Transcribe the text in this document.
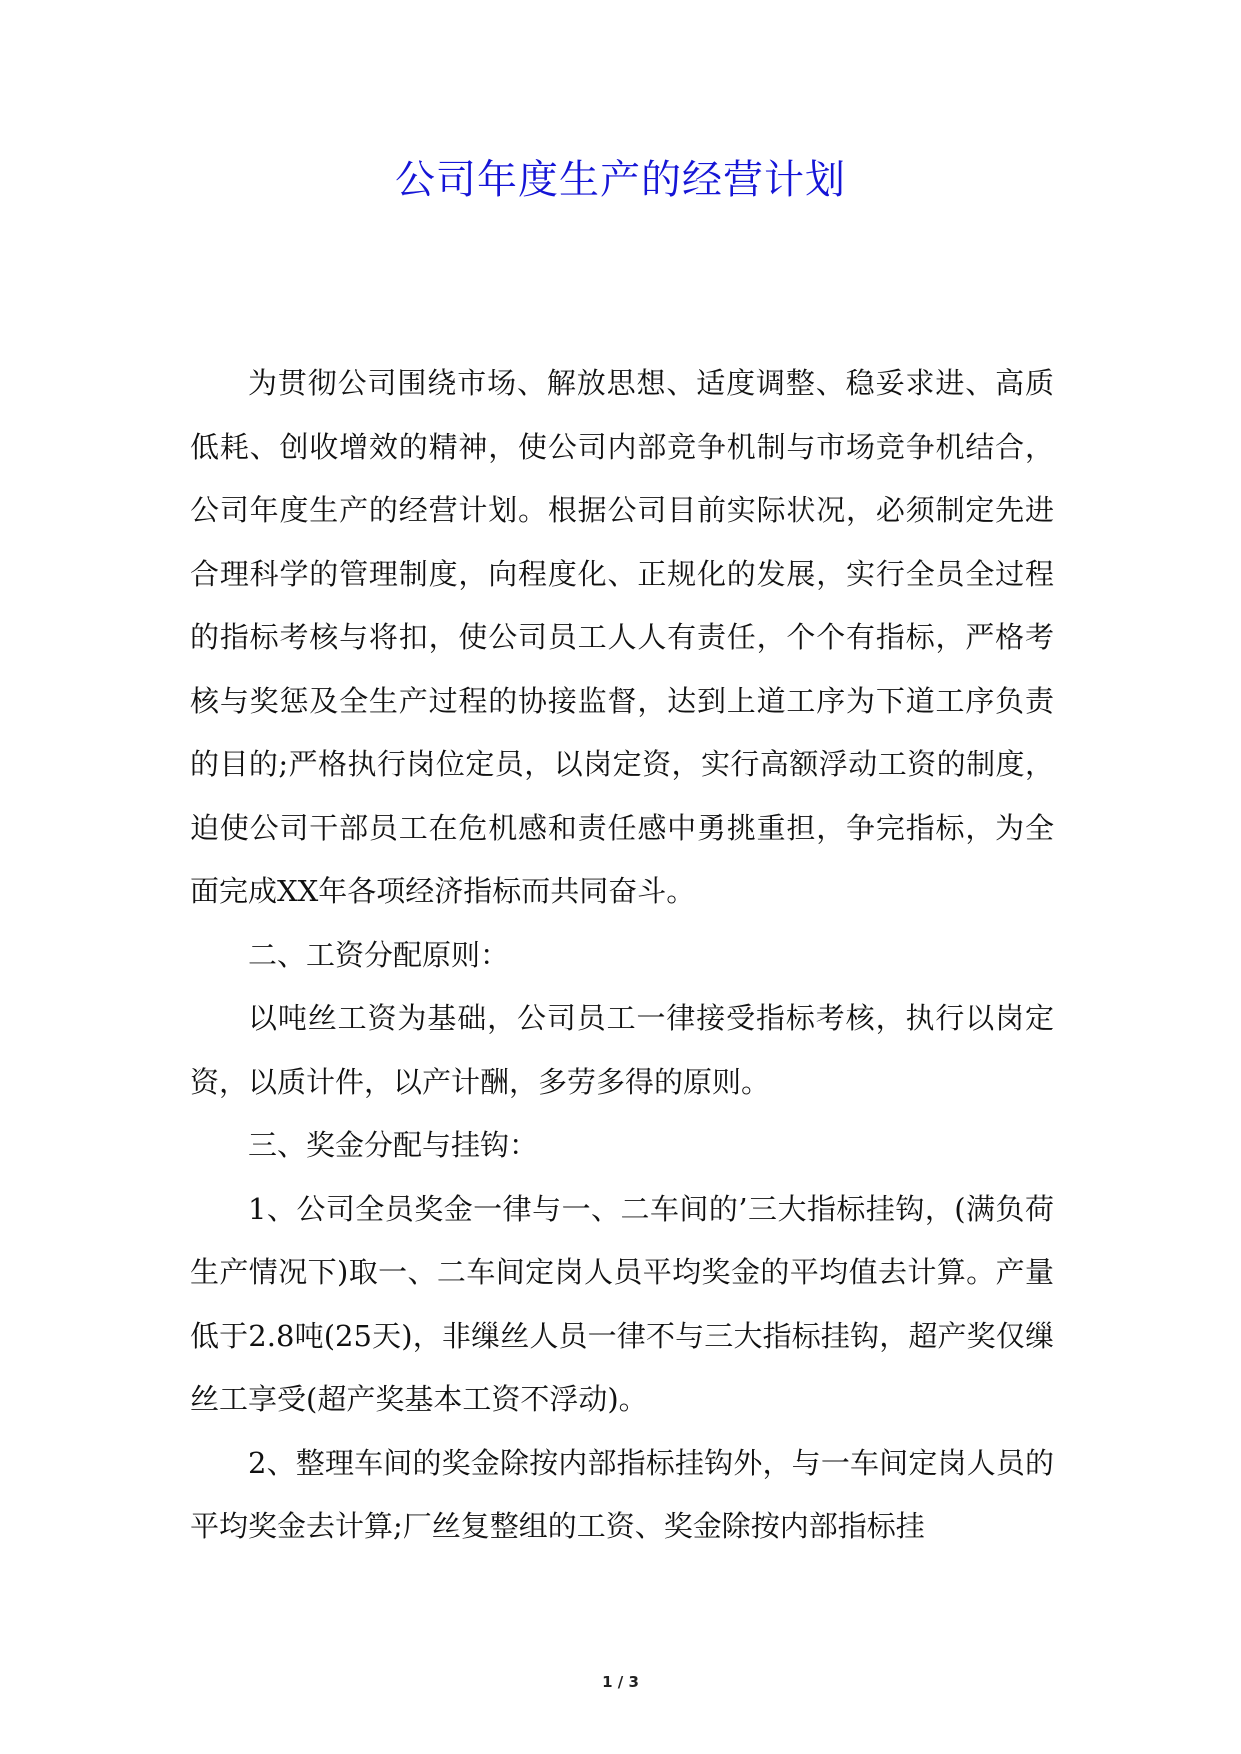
公司年度生产的经营计划

为贯彻公司围绕市场、解放思想、适度调整、稳妥求进、高质低耗、创收增效的精神，使公司内部竞争机制与市场竞争机结合，公司年度生产的经营计划。根据公司目前实际状况，必须制定先进合理科学的管理制度，向程度化、正规化的发展，实行全员全过程的指标考核与将扣，使公司员工人人有责任，个个有指标，严格考核与奖惩及全生产过程的协接监督，达到上道工序为下道工序负责的目的;严格执行岗位定员，以岗定资，实行高额浮动工资的制度，迫使公司干部员工在危机感和责任感中勇挑重担，争完指标，为全面完成XX年各项经济指标而共同奋斗。

二、工资分配原则：

以吨丝工资为基础，公司员工一律接受指标考核，执行以岗定资，以质计件，以产计酬，多劳多得的原则。

三、奖金分配与挂钩：

1、公司全员奖金一律与一、二车间的’三大指标挂钩，(满负荷生产情况下)取一、二车间定岗人员平均奖金的平均值去计算。产量低于2.8吨(25天)，非缫丝人员一律不与三大指标挂钩，超产奖仅缫丝工享受(超产奖基本工资不浮动)。

2、整理车间的奖金除按内部指标挂钩外，与一车间定岗人员的平均奖金去计算;厂丝复整组的工资、奖金除按内部指标挂

1 / 3
